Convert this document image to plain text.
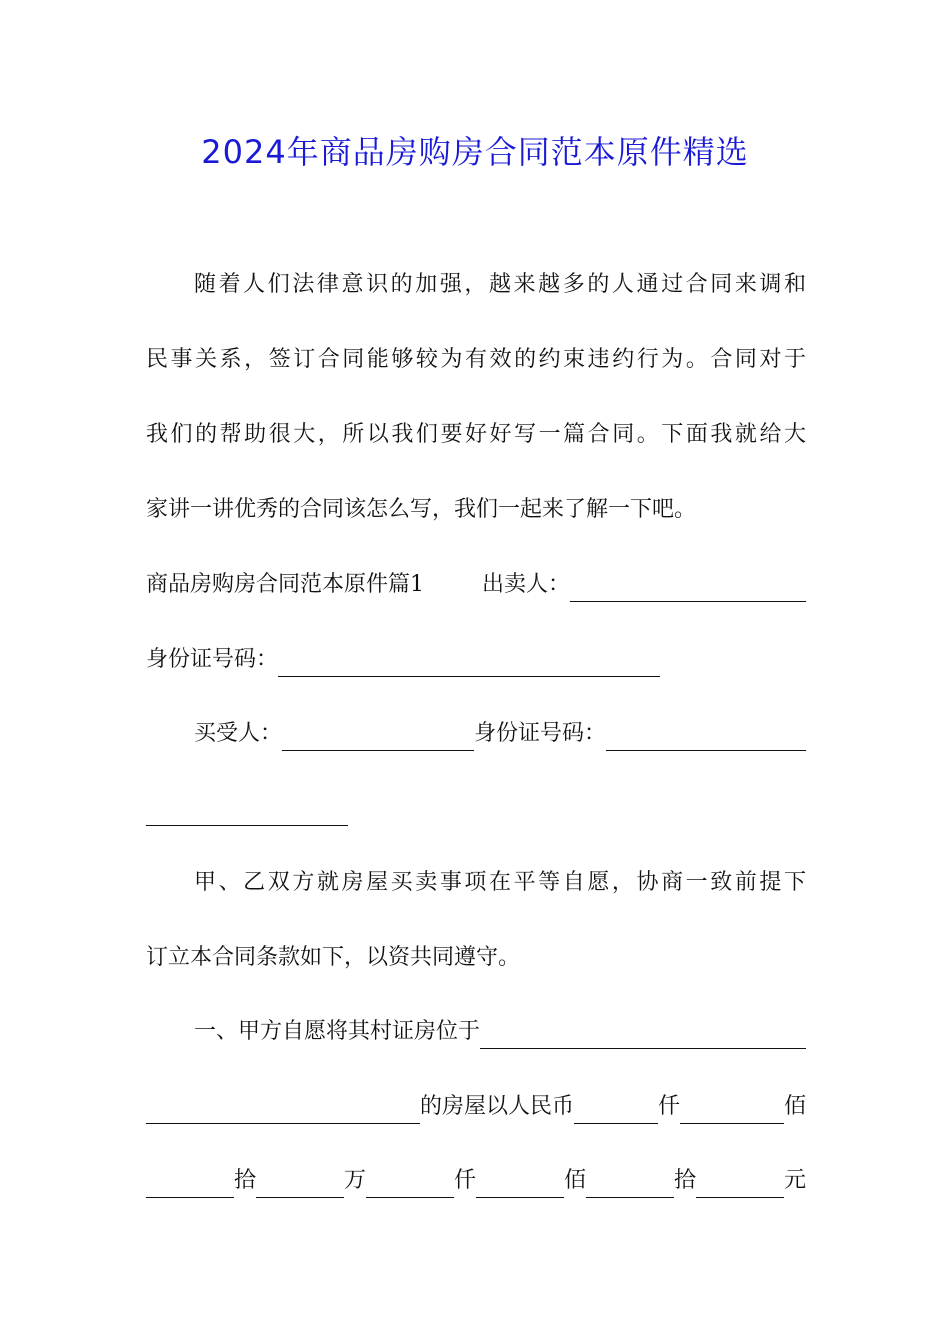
2024年商品房购房合同范本原件精选
随着人们法律意识的加强，越来越多的人通过合同来调和
民事关系，签订合同能够较为有效的约束违约行为。合同对于
我们的帮助很大，所以我们要好好写一篇合同。下面我就给大
家讲一讲优秀的合同该怎么写，我们一起来了解一下吧。
商品房购房合同范本原件篇1	出卖人：
身份证号码：
买受人：	身份证号码：
甲、乙双方就房屋买卖事项在平等自愿，协商一致前提下
订立本合同条款如下，以资共同遵守。
一、甲方自愿将其村证房位于
的房屋以人民币	仟	佰
拾	万	仟	佰	拾	元
